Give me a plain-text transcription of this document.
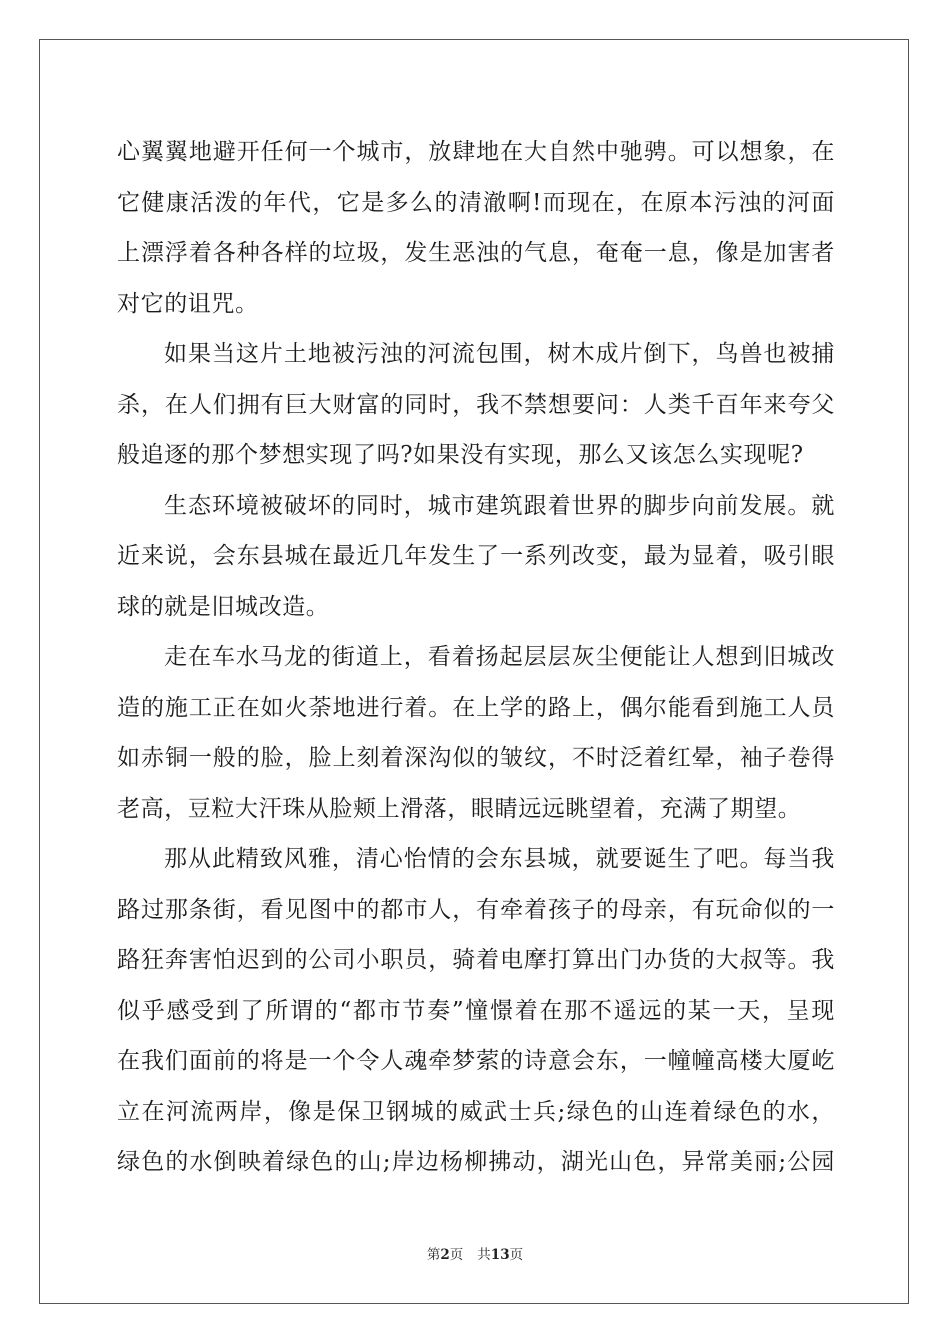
心翼翼地避开任何一个城市，放肆地在大自然中驰骋。可以想象，在
它健康活泼的年代，它是多么的清澈啊!而现在，在原本污浊的河面
上漂浮着各种各样的垃圾，发生恶浊的气息，奄奄一息，像是加害者
对它的诅咒。
如果当这片土地被污浊的河流包围，树木成片倒下，鸟兽也被捕
杀，在人们拥有巨大财富的同时，我不禁想要问：人类千百年来夸父
般追逐的那个梦想实现了吗?如果没有实现，那么又该怎么实现呢?
生态环境被破坏的同时，城市建筑跟着世界的脚步向前发展。就
近来说，会东县城在最近几年发生了一系列改变，最为显着，吸引眼
球的就是旧城改造。
走在车水马龙的街道上，看着扬起层层灰尘便能让人想到旧城改
造的施工正在如火荼地进行着。在上学的路上，偶尔能看到施工人员
如赤铜一般的脸，脸上刻着深沟似的皱纹，不时泛着红晕，袖子卷得
老高，豆粒大汗珠从脸颊上滑落，眼睛远远眺望着，充满了期望。
那从此精致风雅，清心怡情的会东县城，就要诞生了吧。每当我
路过那条街，看见图中的都市人，有牵着孩子的母亲，有玩命似的一
路狂奔害怕迟到的公司小职员，骑着电摩打算出门办货的大叔等。我
似乎感受到了所谓的“都市节奏”憧憬着在那不遥远的某一天，呈现
在我们面前的将是一个令人魂牵梦萦的诗意会东，一幢幢高楼大厦屹
立在河流两岸，像是保卫钢城的威武士兵;绿色的山连着绿色的水，
绿色的水倒映着绿色的山;岸边杨柳拂动，湖光山色，异常美丽;公园
第2页 共13页
